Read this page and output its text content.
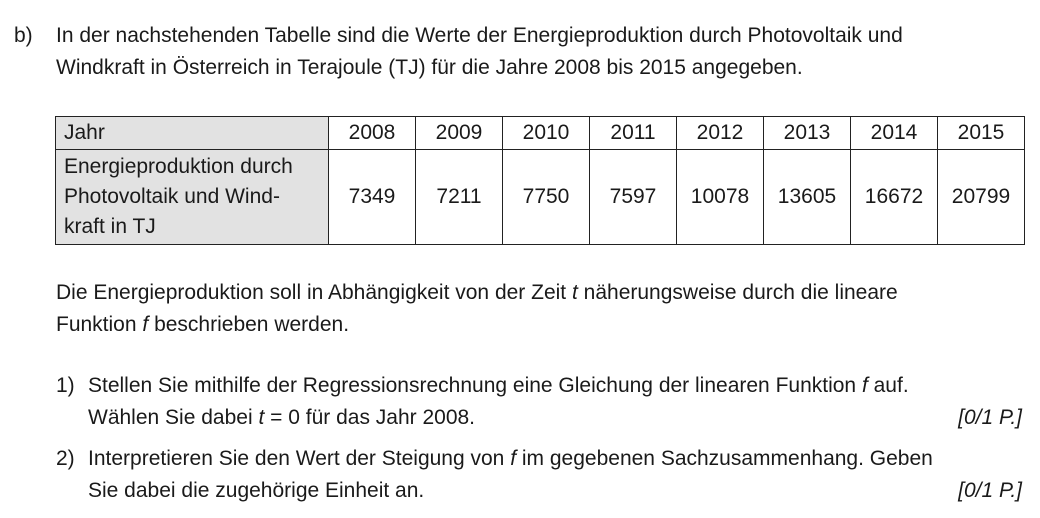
b) In der nachstehenden Tabelle sind die Werte der Energieproduktion durch Photovoltaik und
Windkraft in Österreich in Terajoule (TJ) für die Jahre 2008 bis 2015 angegeben.
Jahr	2008	2009	2010	2011	2012	2013	2014	2015

Energieproduktion durch
Photovoltaik und Wind-
kraft in TJ	7349	7211	7750	7597	10078	13605	16672	20799
Die Energieproduktion soll in Abhängigkeit von der Zeit t näherungsweise durch die lineare
Funktion f beschrieben werden.
1) Stellen Sie mithilfe der Regressionsrechnung eine Gleichung der linearen Funktion f auf.
Wählen Sie dabei t = 0 für das Jahr 2008.	[0/1 P.]
2) Interpretieren Sie den Wert der Steigung von f im gegebenen Sachzusammenhang. Geben
Sie dabei die zugehörige Einheit an.	[0/1 P.]
